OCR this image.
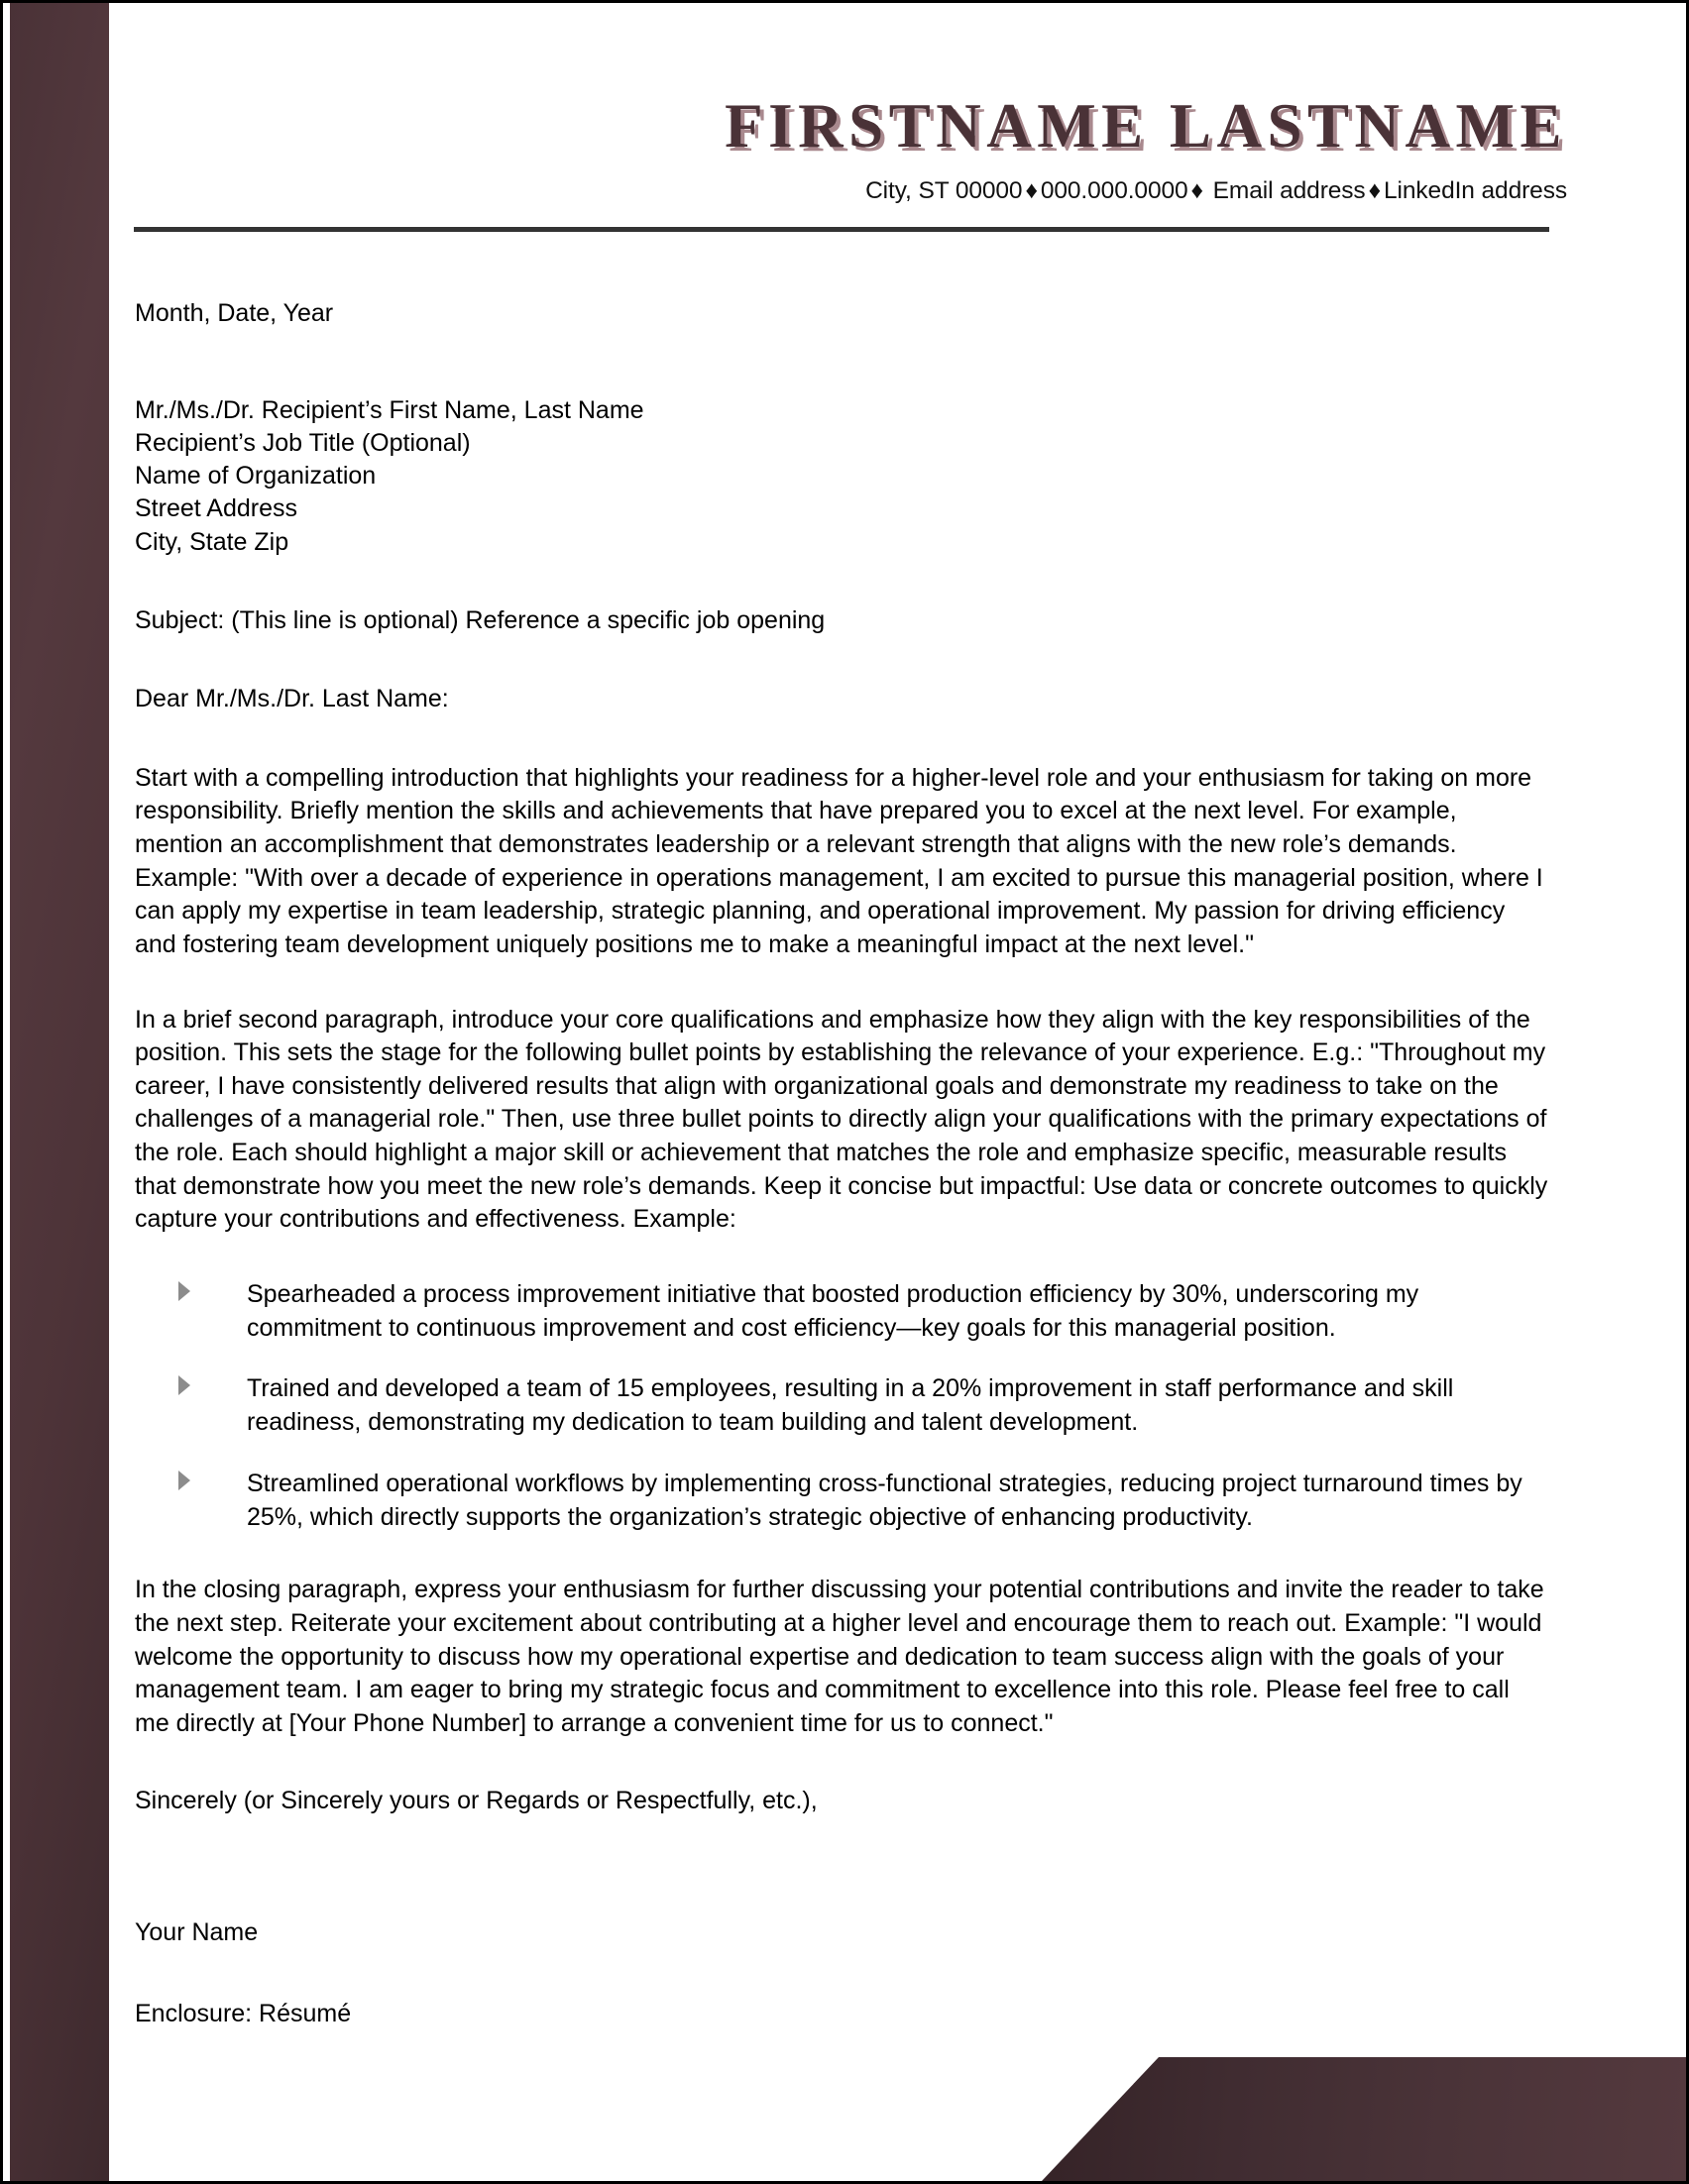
FIRSTNAME LASTNAME
City, ST 00000 ♦ 000.000.0000 ♦ Email address ♦ LinkedIn address
Month, Date, Year
Mr./Ms./Dr. Recipient’s First Name, Last Name
Recipient’s Job Title (Optional)
Name of Organization
Street Address
City, State Zip
Subject: (This line is optional) Reference a specific job opening
Dear Mr./Ms./Dr. Last Name:

Start with a compelling introduction that highlights your readiness for a higher-level role and your enthusiasm for taking on more responsibility. Briefly mention the skills and achievements that have prepared you to excel at the next level. For example, mention an accomplishment that demonstrates leadership or a relevant strength that aligns with the new role’s demands. Example: "With over a decade of experience in operations management, I am excited to pursue this managerial position, where I can apply my expertise in team leadership, strategic planning, and operational improvement. My passion for driving efficiency and fostering team development uniquely positions me to make a meaningful impact at the next level."

In a brief second paragraph, introduce your core qualifications and emphasize how they align with the key responsibilities of the position. This sets the stage for the following bullet points by establishing the relevance of your experience. E.g.: "Throughout my career, I have consistently delivered results that align with organizational goals and demonstrate my readiness to take on the challenges of a managerial role." Then, use three bullet points to directly align your qualifications with the primary expectations of the role. Each should highlight a major skill or achievement that matches the role and emphasize specific, measurable results that demonstrate how you meet the new role’s demands. Keep it concise but impactful: Use data or concrete outcomes to quickly capture your contributions and effectiveness. Example:

Spearheaded a process improvement initiative that boosted production efficiency by 30%, underscoring my commitment to continuous improvement and cost efficiency—key goals for this managerial position.
Trained and developed a team of 15 employees, resulting in a 20% improvement in staff performance and skill readiness, demonstrating my dedication to team building and talent development.
Streamlined operational workflows by implementing cross-functional strategies, reducing project turnaround times by 25%, which directly supports the organization’s strategic objective of enhancing productivity.

In the closing paragraph, express your enthusiasm for further discussing your potential contributions and invite the reader to take the next step. Reiterate your excitement about contributing at a higher level and encourage them to reach out. Example: "I would welcome the opportunity to discuss how my operational expertise and dedication to team success align with the goals of your management team. I am eager to bring my strategic focus and commitment to excellence into this role. Please feel free to call me directly at [Your Phone Number] to arrange a convenient time for us to connect."

Sincerely (or Sincerely yours or Regards or Respectfully, etc.),
Your Name
Enclosure: Résumé
